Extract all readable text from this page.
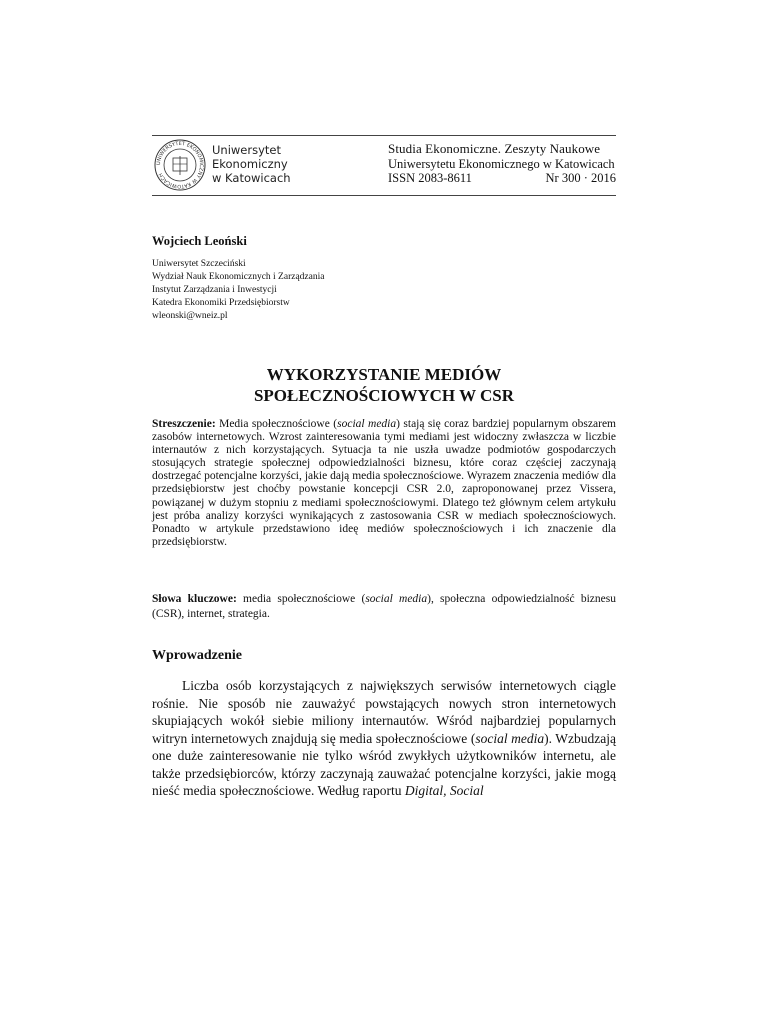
UNIWERSYTET EKONOMICZNY W KATOWICACH
Uniwersytet
Ekonomiczny
w Katowicach
Studia Ekonomiczne. Zeszyty Naukowe
Uniwersytetu Ekonomicznego w Katowicach
ISSN 2083-8611	Nr 300 · 2016
Wojciech Leoński
Uniwersytet Szczeciński
Wydział Nauk Ekonomicznych i Zarządzania
Instytut Zarządzania i Inwestycji
Katedra Ekonomiki Przedsiębiorstw
wleonski@wneiz.pl
WYKORZYSTANIE MEDIÓW
SPOŁECZNOŚCIOWYCH W CSR
Streszczenie: Media społecznościowe (social media) stają się coraz bardziej popularnym obszarem zasobów internetowych. Wzrost zainteresowania tymi mediami jest widoczny zwłaszcza w liczbie internautów z nich korzystających. Sytuacja ta nie uszła uwadze podmiotów gospodarczych stosujących strategie społecznej odpowiedzialności biznesu, które coraz częściej zaczynają dostrzegać potencjalne korzyści, jakie dają media społecznościowe. Wyrazem znaczenia mediów dla przedsiębiorstw jest choćby powstanie koncepcji CSR 2.0, zaproponowanej przez Vissera, powiązanej w dużym stopniu z mediami społecznościowymi. Dlatego też głównym celem artykułu jest próba analizy korzyści wynikających z zastosowania CSR w mediach społecznościowych. Ponadto w artykule przedstawiono ideę mediów społecznościowych i ich znaczenie dla przedsiębiorstw.
Słowa kluczowe: media społecznościowe (social media), społeczna odpowiedzialność biznesu (CSR), internet, strategia.
Wprowadzenie
Liczba osób korzystających z największych serwisów internetowych ciągle rośnie. Nie sposób nie zauważyć powstających nowych stron internetowych skupiających wokół siebie miliony internautów. Wśród najbardziej popularnych witryn internetowych znajdują się media społecznościowe (social media). Wzbudzają one duże zainteresowanie nie tylko wśród zwykłych użytkowników internetu, ale także przedsiębiorców, którzy zaczynają zauważać potencjalne korzyści, jakie mogą nieść media społecznościowe. Według raportu Digital, Social
